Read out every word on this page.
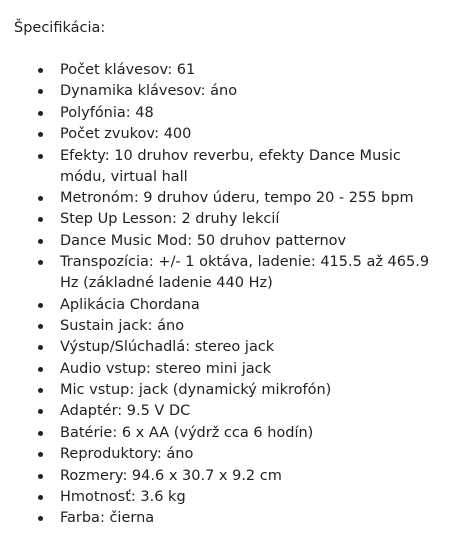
Špecifikácia:
Počet klávesov: 61
Dynamika klávesov: áno
Polyfónia: 48
Počet zvukov: 400
Efekty: 10 druhov reverbu, efekty Dance Music módu, virtual hall
Metronóm: 9 druhov úderu, tempo 20 - 255 bpm
Step Up Lesson: 2 druhy lekcií
Dance Music Mod: 50 druhov patternov
Transpozícia: +/- 1 oktáva, ladenie: 415.5 až 465.9 Hz (základné ladenie 440 Hz)
Aplikácia Chordana
Sustain jack: áno
Výstup/Slúchadlá: stereo jack
Audio vstup: stereo mini jack
Mic vstup: jack (dynamický mikrofón)
Adaptér: 9.5 V DC
Batérie: 6 x AA (výdrž cca 6 hodín)
Reproduktory: áno
Rozmery: 94.6 x 30.7 x 9.2 cm
Hmotnosť: 3.6 kg
Farba: čierna
